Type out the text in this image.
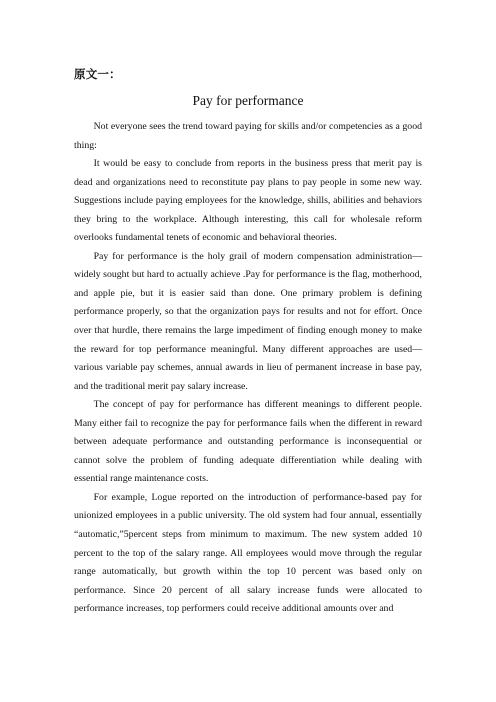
原文一：
Pay for performance

Not everyone sees the trend toward paying for skills and/or competencies as a good thing:

It would be easy to conclude from reports in the business press that merit pay is dead and organizations need to reconstitute pay plans to pay people in some new way. Suggestions include paying employees for the knowledge, shills, abilities and behaviors they bring to the workplace. Although interesting, this call for wholesale reform overlooks fundamental tenets of economic and behavioral theories.

Pay for performance is the holy grail of modern compensation administration—widely sought but hard to actually achieve .Pay for performance is the flag, motherhood, and apple pie, but it is easier said than done. One primary problem is defining performance properly, so that the organization pays for results and not for effort. Once over that hurdle, there remains the large impediment of finding enough money to make the reward for top performance meaningful. Many different approaches are used—various variable pay schemes, annual awards in lieu of permanent increase in base pay, and the traditional merit pay salary increase.

The concept of pay for performance has different meanings to different people. Many either fail to recognize the pay for performance fails when the different in reward between adequate performance and outstanding performance is inconsequential or cannot solve the problem of funding adequate differentiation while dealing with essential range maintenance costs.

For example, Logue reported on the introduction of performance-based pay for unionized employees in a public university. The old system had four annual, essentially “automatic,”5percent steps from minimum to maximum. The new system added 10 percent to the top of the salary range. All employees would move through the regular range automatically, but growth within the top 10 percent was based only on performance. Since 20 percent of all salary increase funds were allocated to performance increases, top performers could receive additional amounts over and
